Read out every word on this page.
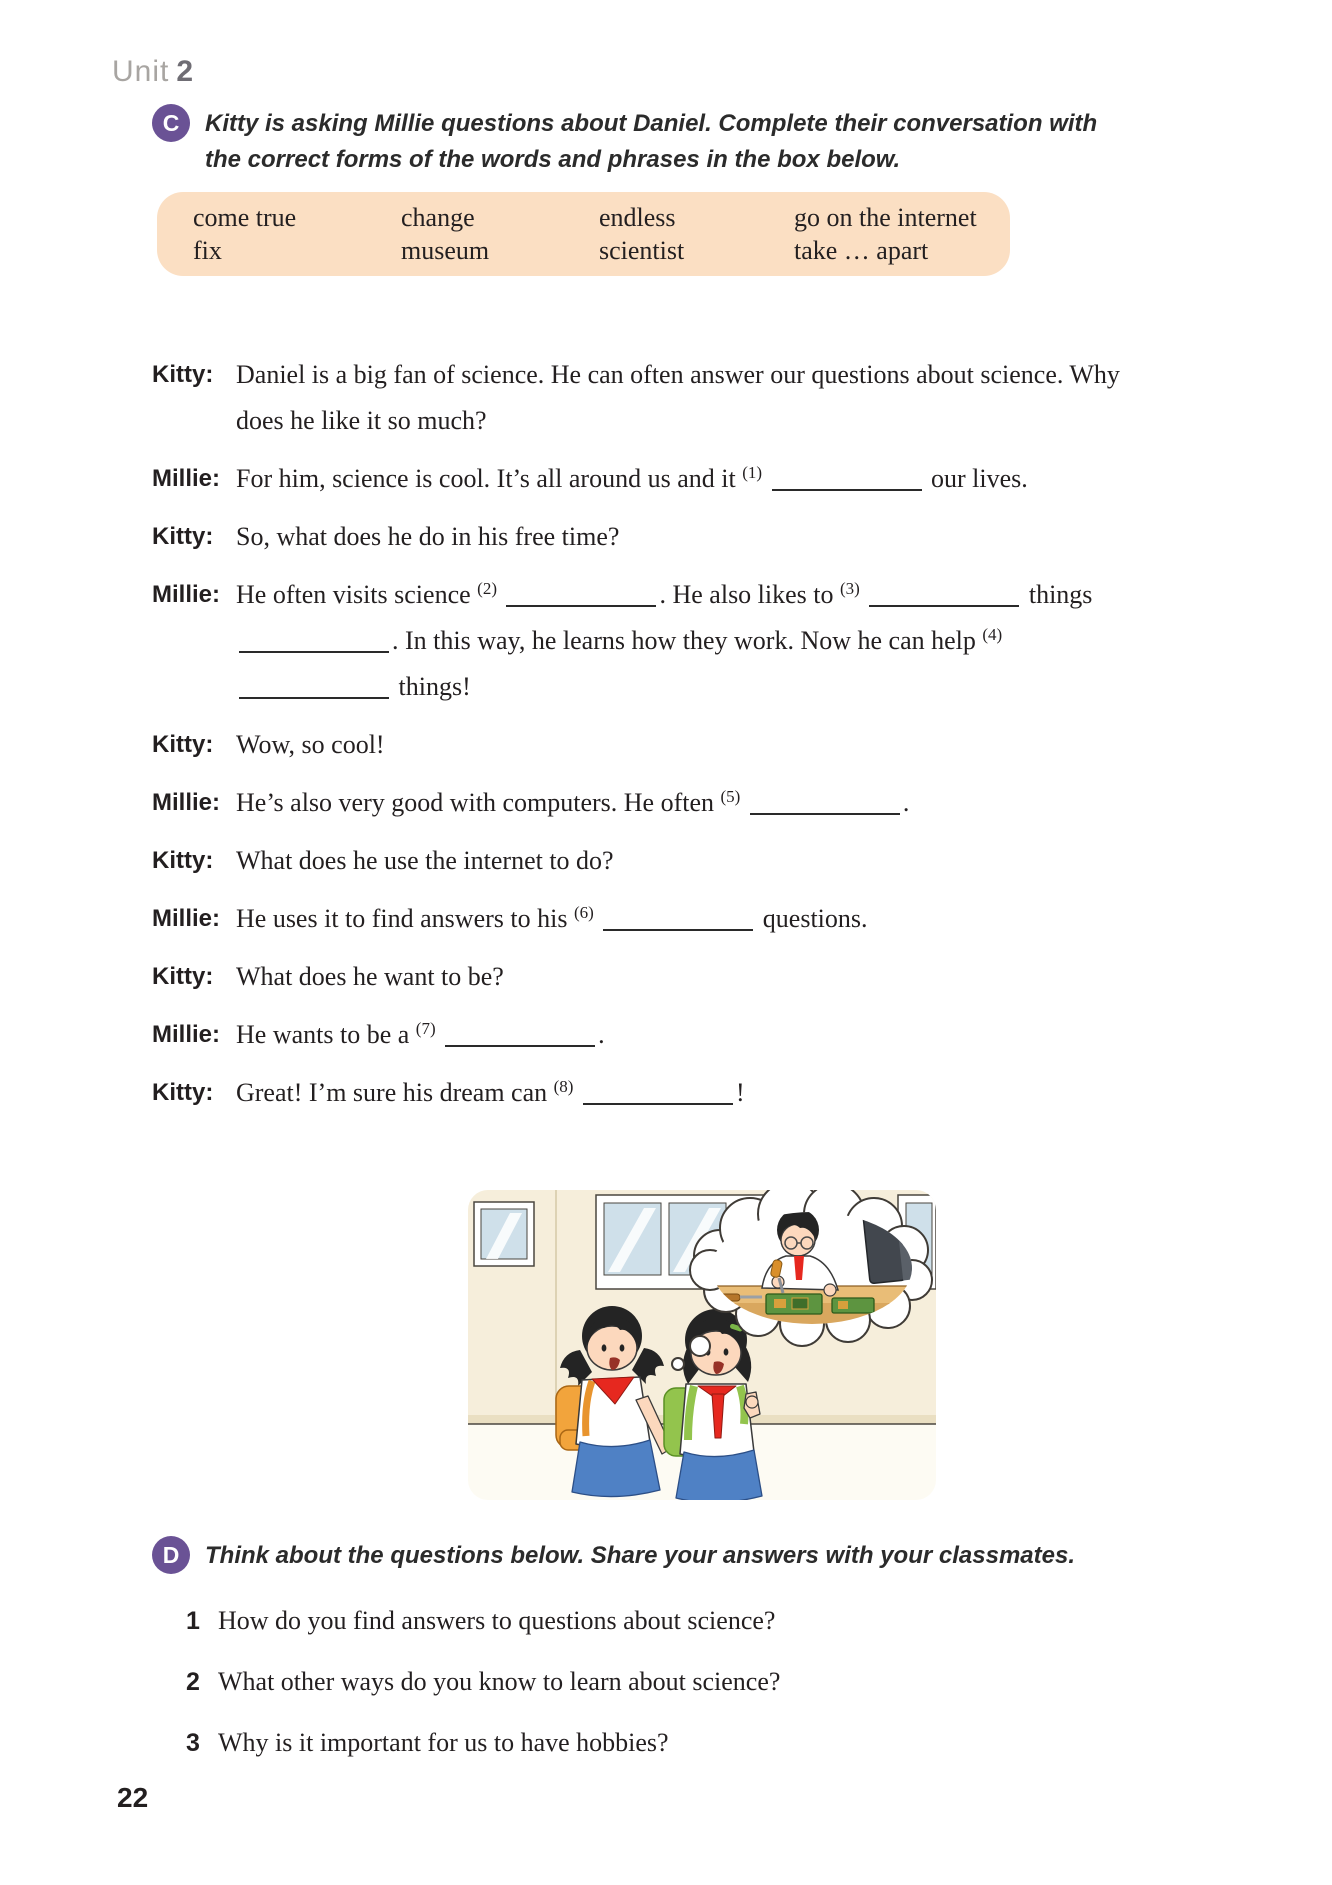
Unit 2
C	Kitty is asking Millie questions about Daniel. Complete their conversation with the correct forms of the words and phrases in the box below.
come true	change	endless	go on the internet
fix	museum	scientist	take … apart
Kitty: Daniel is a big fan of science. He can often answer our questions about science. Why does he like it so much?
Millie: For him, science is cool. It’s all around us and it $^{(1)}$	our lives.
Kitty: So, what does he do in his free time?
Millie: He often visits science $^{(2)}$	. He also likes to $^{(3)}$	things . In this way, he learns how they work. Now he can help $^{(4)}$  things!
Kitty: Wow, so cool!
Millie: He’s also very good with computers. He often $^{(5)}$	.
Kitty: What does he use the internet to do?
Millie: He uses it to find answers to his $^{(6)}$	questions.
Kitty: What does he want to be?
Millie: He wants to be a $^{(7)}$	.
Kitty: Great! I’m sure his dream can $^{(8)}$	!
D	Think about the questions below. Share your answers with your classmates.
1 How do you find answers to questions about science?
2 What other ways do you know to learn about science?
3 Why is it important for us to have hobbies?
22
